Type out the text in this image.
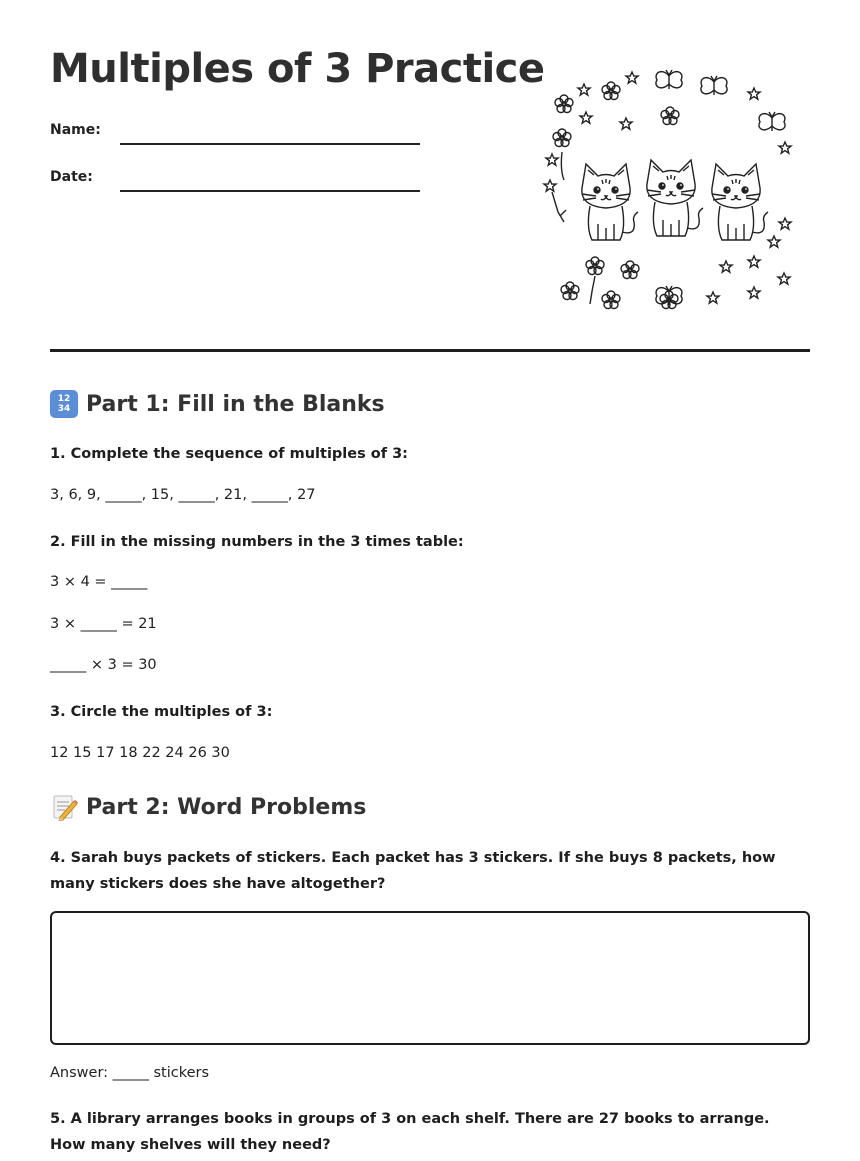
Multiples of 3 Practice
Name:
Date:
12
34 Part 1: Fill in the Blanks

1. Complete the sequence of multiples of 3:

3, 6, 9, _____, 15, _____, 21, _____, 27

2. Fill in the missing numbers in the 3 times table:

3 × 4 = _____

3 × _____ = 21

_____ × 3 = 30

3. Circle the multiples of 3:

12 15 17 18 22 24 26 30

Part 2: Word Problems

4. Sarah buys packets of stickers. Each packet has 3 stickers. If she buys 8 packets, how many stickers does she have altogether?

Answer: _____ stickers

5. A library arranges books in groups of 3 on each shelf. There are 27 books to arrange. How many shelves will they need?
